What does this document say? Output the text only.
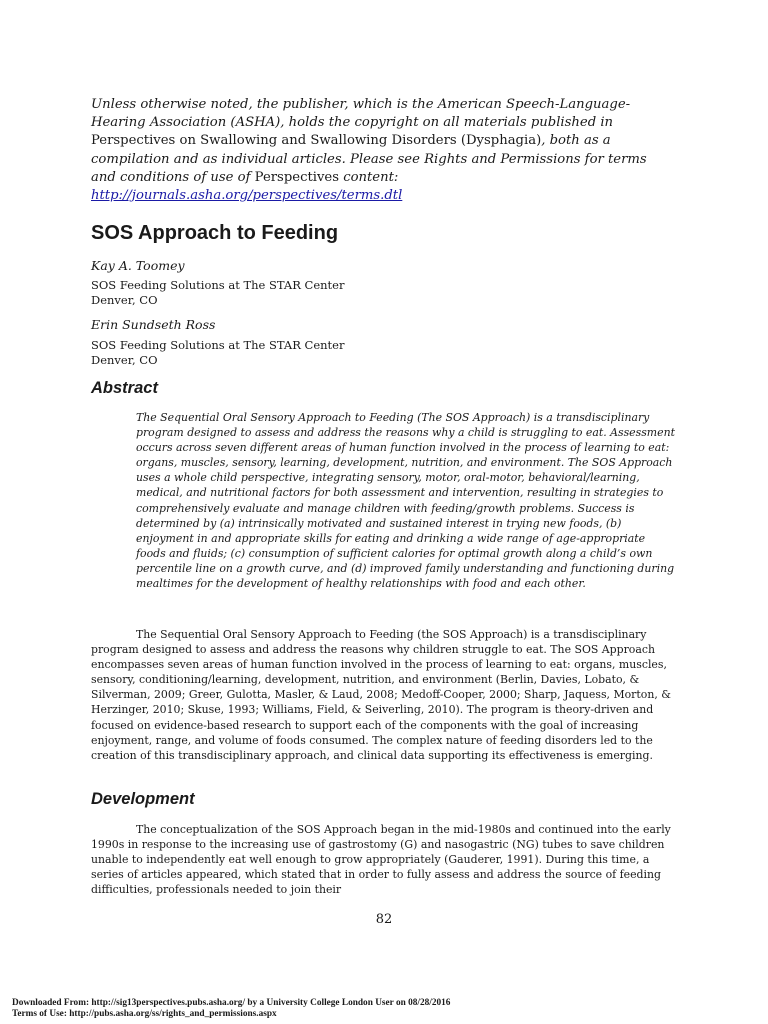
Unless otherwise noted, the publisher, which is the American Speech-Language-Hearing Association (ASHA), holds the copyright on all materials published in Perspectives on Swallowing and Swallowing Disorders (Dysphagia), both as a compilation and as individual articles. Please see Rights and Permissions for terms and conditions of use of Perspectives content:
http://journals.asha.org/perspectives/terms.dtl
SOS Approach to Feeding
Kay A. Toomey
SOS Feeding Solutions at The STAR Center
Denver, CO
Erin Sundseth Ross
SOS Feeding Solutions at The STAR Center
Denver, CO
Abstract
The Sequential Oral Sensory Approach to Feeding (The SOS Approach) is a transdisciplinary program designed to assess and address the reasons why a child is struggling to eat. Assessment occurs across seven different areas of human function involved in the process of learning to eat: organs, muscles, sensory, learning, development, nutrition, and environment. The SOS Approach uses a whole child perspective, integrating sensory, motor, oral-motor, behavioral/learning, medical, and nutritional factors for both assessment and intervention, resulting in strategies to comprehensively evaluate and manage children with feeding/growth problems. Success is determined by (a) intrinsically motivated and sustained interest in trying new foods, (b) enjoyment in and appropriate skills for eating and drinking a wide range of age-appropriate foods and fluids; (c) consumption of sufficient calories for optimal growth along a child’s own percentile line on a growth curve, and (d) improved family understanding and functioning during mealtimes for the development of healthy relationships with food and each other.
The Sequential Oral Sensory Approach to Feeding (the SOS Approach) is a transdisciplinary program designed to assess and address the reasons why children struggle to eat. The SOS Approach encompasses seven areas of human function involved in the process of learning to eat: organs, muscles, sensory, conditioning/learning, development, nutrition, and environment (Berlin, Davies, Lobato, & Silverman, 2009; Greer, Gulotta, Masler, & Laud, 2008; Medoff-Cooper, 2000; Sharp, Jaquess, Morton, & Herzinger, 2010; Skuse, 1993; Williams, Field, & Seiverling, 2010). The program is theory-driven and focused on evidence-based research to support each of the components with the goal of increasing enjoyment, range, and volume of foods consumed. The complex nature of feeding disorders led to the creation of this transdisciplinary approach, and clinical data supporting its effectiveness is emerging.
Development
The conceptualization of the SOS Approach began in the mid-1980s and continued into the early 1990s in response to the increasing use of gastrostomy (G) and nasogastric (NG) tubes to save children unable to independently eat well enough to grow appropriately (Gauderer, 1991). During this time, a series of articles appeared, which stated that in order to fully assess and address the source of feeding difficulties, professionals needed to join their
82
Downloaded From: http://sig13perspectives.pubs.asha.org/ by a University College London User on 08/28/2016
Terms of Use: http://pubs.asha.org/ss/rights_and_permissions.aspx
